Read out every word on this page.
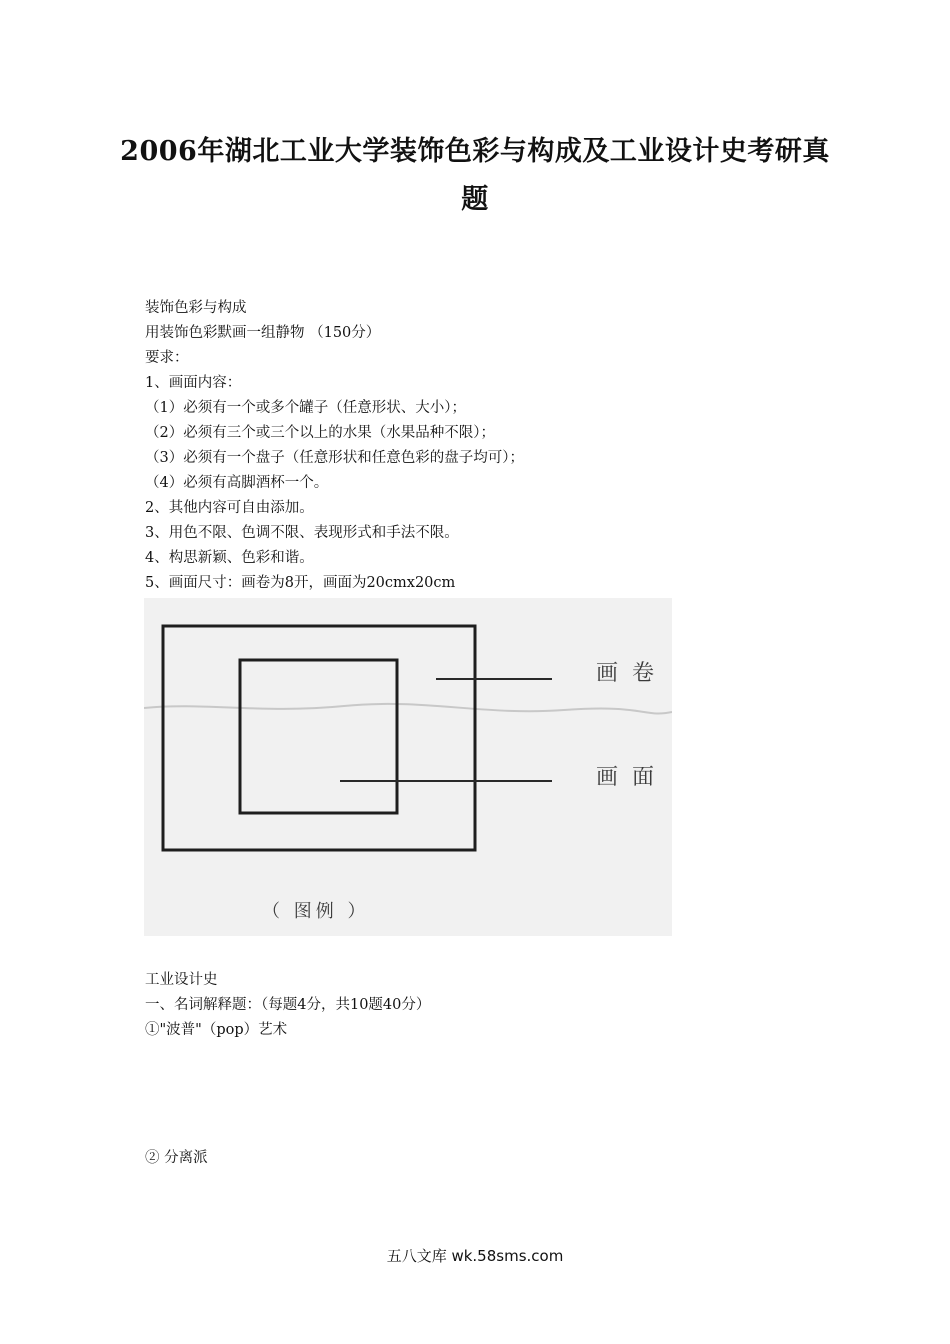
2006年湖北工业大学装饰色彩与构成及工业设计史考研真
题
装饰色彩与构成
用装饰色彩默画一组静物 （150分）
要求：
1、画面内容：
（1）必须有一个或多个罐子（任意形状、大小）；
（2）必须有三个或三个以上的水果（水果品种不限）；
（3）必须有一个盘子（任意形状和任意色彩的盘子均可）；
（4）必须有高脚酒杯一个。
2、其他内容可自由添加。
3、用色不限、色调不限、表现形式和手法不限。
4、构思新颖、色彩和谐。
5、画面尺寸：画卷为8开，画面为20cmx20cm
画卷
画面
（ 图例 ）
工业设计史
一、名词解释题：（每题4分，共10题40分）
①"波普"（pop）艺术
② 分离派
五八文库 wk.58sms.com
